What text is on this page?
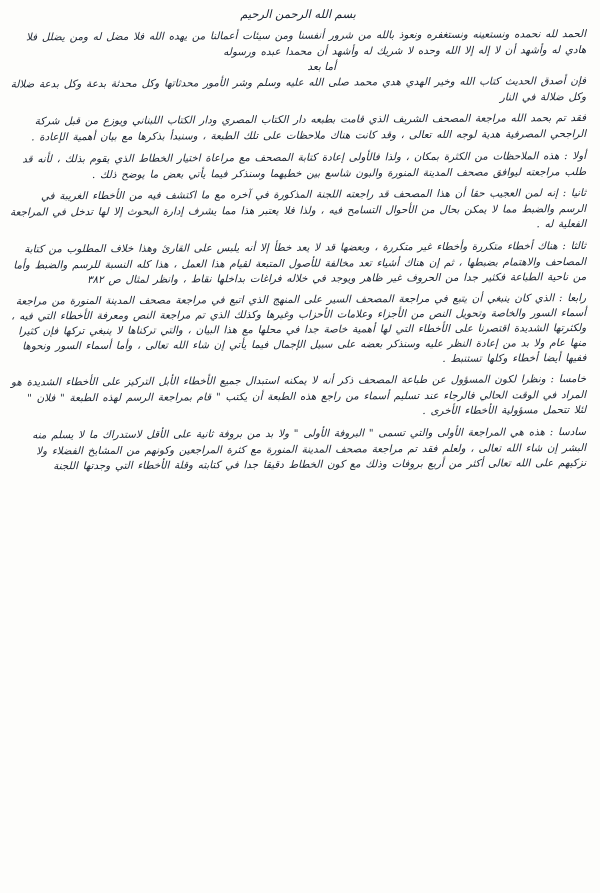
بسم الله الرحمن الرحيم

الحمد لله نحمده ونستعينه ونستغفره ونعوذ بالله من شرور أنفسنا ومن سيئات أعمالنا من يهده الله فلا مضل له ومن يضلل فلا هادي له وأشهد أن لا إله إلا الله وحده لا شريك له وأشهد أن محمدا عبده ورسوله

أما بعد

فإن أصدق الحديث كتاب الله وخير الهدي هدي محمد صلى الله عليه وسلم وشر الأمور محدثاتها وكل محدثة بدعة وكل بدعة ضلالة وكل ضلالة في النار

فقد تم بحمد الله مراجعة المصحف الشريف الذي قامت بطبعه دار الكتاب المصري ودار الكتاب اللبناني ويوزع من قبل شركة الراجحي المصرفية هدية لوجه الله تعالى ، وقد كانت هناك ملاحظات على تلك الطبعة ، وسنبدأ بذكرها مع بيان أهمية الإعادة .

أولا : هذه الملاحظات من الكثرة بمكان ، ولذا فالأولى إعادة كتابة المصحف مع مراعاة اختيار الخطاط الذي يقوم بذلك ، لأنه قد طلب مراجعته ليوافق مصحف المدينة المنورة والبون شاسع بين خطيهما وسنذكر فيما يأتي بعض ما يوضح ذلك .

ثانيا : إنه لمن العجيب حقا أن هذا المصحف قد راجعته اللجنة المذكورة في آخره مع ما اكتشف فيه من الأخطاء الغريبة في الرسم والضبط مما لا يمكن بحال من الأحوال التسامح فيه ، ولذا فلا يعتبر هذا مما يشرف إدارة البحوث إلا لها تدخل في المراجعة الفعلية له .

ثالثا : هناك أخطاء متكررة وأخطاء غير متكررة ، وبعضها قد لا يعد خطأ إلا أنه يلبس على القارئ وهذا خلاف المطلوب من كتابة المصاحف والاهتمام بضبطها ، ثم إن هناك أشياء تعد مخالفة للأصول المتبعة لقيام هذا العمل ، هذا كله النسبة للرسم والضبط وأما من ناحية الطباعة فكثير جدا من الحروف غير ظاهر ويوجد في خلاله فراغات بداخلها نقاط ، وانظر لمثال ص ٣٨٢

رابعا : الذي كان ينبغي أن يتبع في مراجعة المصحف السير على المنهج الذي اتبع في مراجعة مصحف المدينة المنورة من مراجعة أسماء السور والخاصة وتحويل النص من الأجزاء وعلامات الأحزاب وغيرها وكذلك الذي تم مراجعة النص ومعرفة الأخطاء التي فيه ، ولكثرتها الشديدة اقتصرنا على الأخطاء التي لها أهمية خاصة جدا في محلها مع هذا البيان ، والتي تركناها لا ينبغي تركها فإن كثيرا منها عام ولا بد من إعادة النظر عليه وسنذكر بعضه على سبيل الإجمال فيما يأتي إن شاء الله تعالى ، وأما أسماء السور ونحوها ففيها أيضا أخطاء وكلها تستنبط .

خامسا : ونظرا لكون المسؤول عن طباعة المصحف ذكر أنه لا يمكنه استبدال جميع الأخطاء الأبل التركيز على الأخطاء الشديدة هو المراد في الوقت الحالي فالرجاء عند تسليم أسماء من راجع هذه الطبعة أن يكتب " قام بمراجعة الرسم لهذه الطبعة " فلان " لئلا تتحمل مسؤولية الأخطاء الأخرى .

سادسا : هذه هي المراجعة الأولى والتي تسمى " البروفة الأولى " ولا بد من بروفة ثانية على الأقل لاستدراك ما لا يسلم منه البشر إن شاء الله تعالى ، ولعلم فقد تم مراجعة مصحف المدينة المنورة مع كثرة المراجعين وكونهم من المشايخ الفضلاء ولا نزكيهم على الله تعالى أكثر من أربع بروفات وذلك مع كون الخطاط دقيقا جدا في كتابته وقلة الأخطاء التي وجدتها اللجنة
